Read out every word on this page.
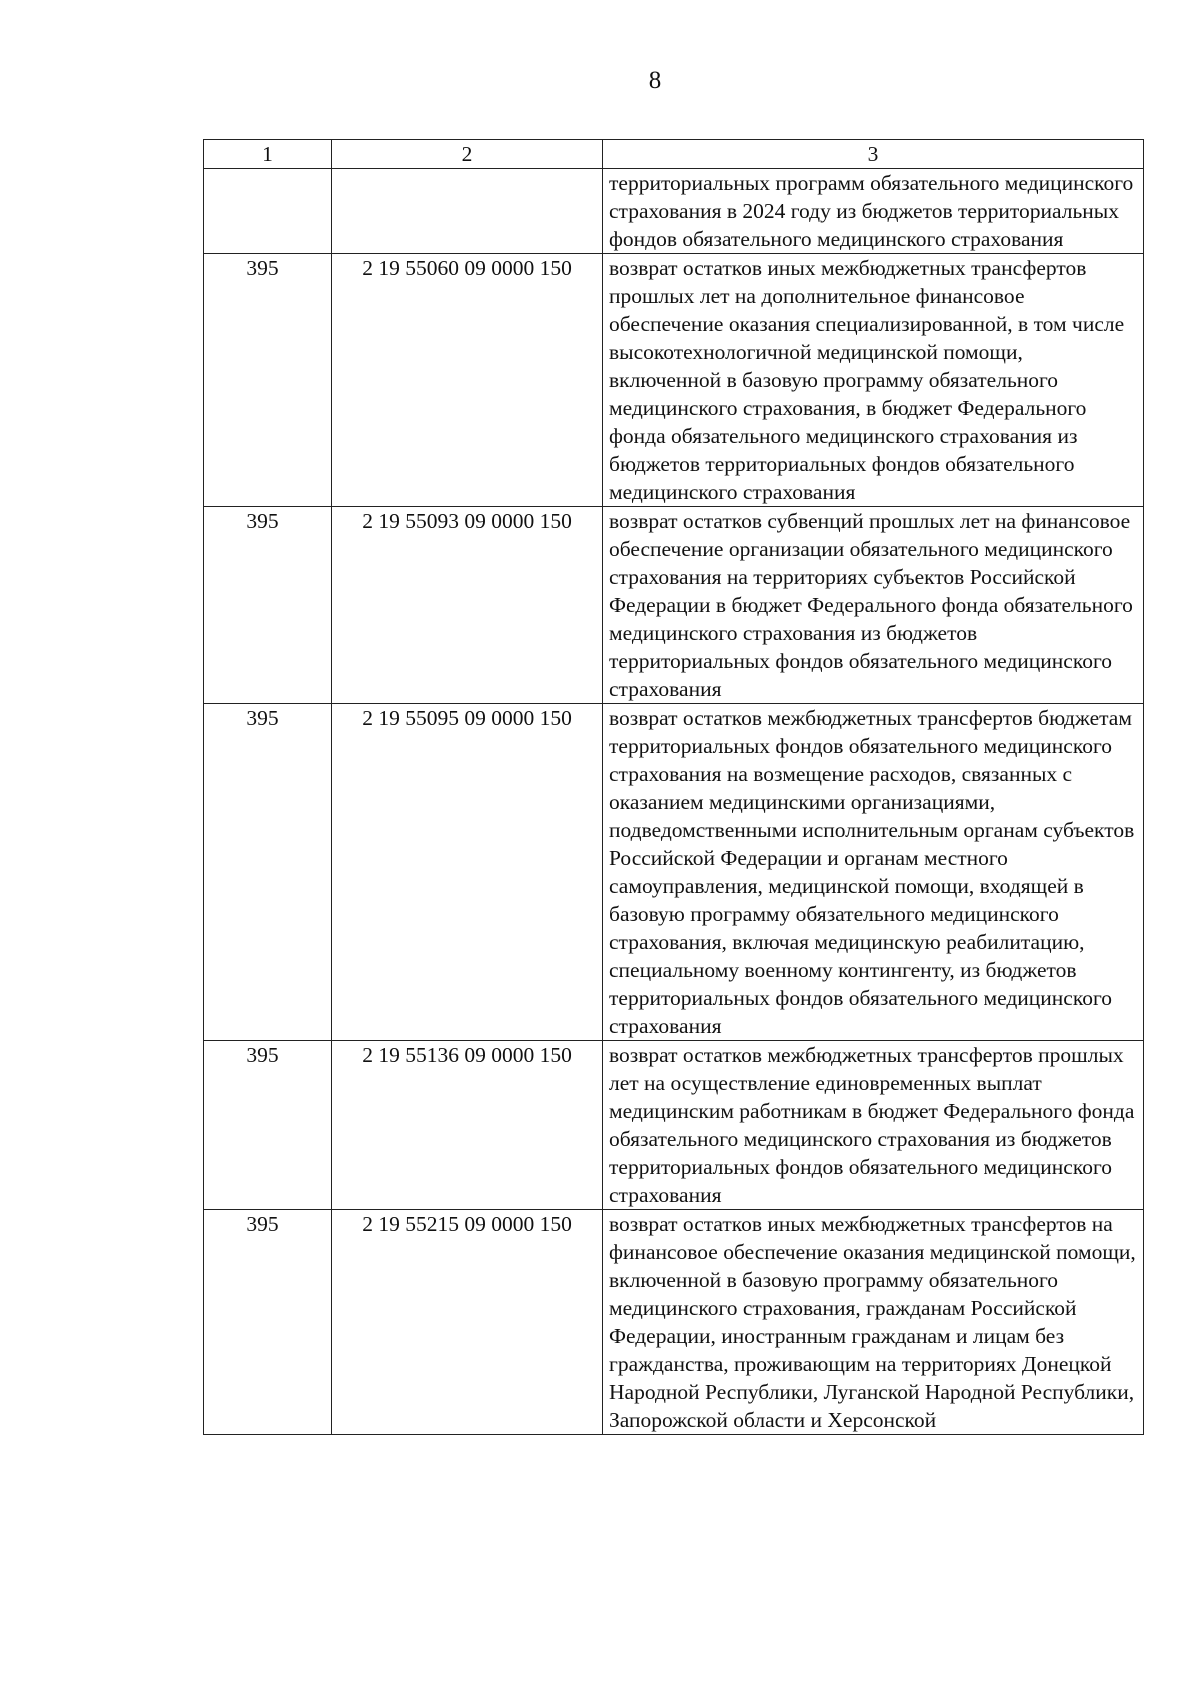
8
1	2	3
		территориальных программ обязательного медицинского страхования в 2024 году из бюджетов территориальных фондов обязательного медицинского страхования
395	2 19 55060 09 0000 150	возврат остатков иных межбюджетных трансфертов прошлых лет на дополнительное финансовое обеспечение оказания специализированной, в том числе высокотехнологичной медицинской помощи, включенной в базовую программу обязательного медицинского страхования, в бюджет Федерального фонда обязательного медицинского страхования из бюджетов территориальных фондов обязательного медицинского страхования
395	2 19 55093 09 0000 150	возврат остатков субвенций прошлых лет на финансовое обеспечение организации обязательного медицинского страхования на территориях субъектов Российской Федерации в бюджет Федерального фонда обязательного медицинского страхования из бюджетов территориальных фондов обязательного медицинского страхования
395	2 19 55095 09 0000 150	возврат остатков межбюджетных трансфертов бюджетам территориальных фондов обязательного медицинского страхования на возмещение расходов, связанных с оказанием медицинскими организациями, подведомственными исполнительным органам субъектов Российской Федерации и органам местного самоуправления, медицинской помощи, входящей в базовую программу обязательного медицинского страхования, включая медицинскую реабилитацию, специальному военному контингенту, из бюджетов территориальных фондов обязательного медицинского страхования
395	2 19 55136 09 0000 150	возврат остатков межбюджетных трансфертов прошлых лет на осуществление единовременных выплат медицинским работникам в бюджет Федерального фонда обязательного медицинского страхования из бюджетов территориальных фондов обязательного медицинского страхования
395	2 19 55215 09 0000 150	возврат остатков иных межбюджетных трансфертов на финансовое обеспечение оказания медицинской помощи, включенной в базовую программу обязательного медицинского страхования, гражданам Российской Федерации, иностранным гражданам и лицам без гражданства, проживающим на территориях Донецкой Народной Республики, Луганской Народной Республики, Запорожской области и Херсонской
